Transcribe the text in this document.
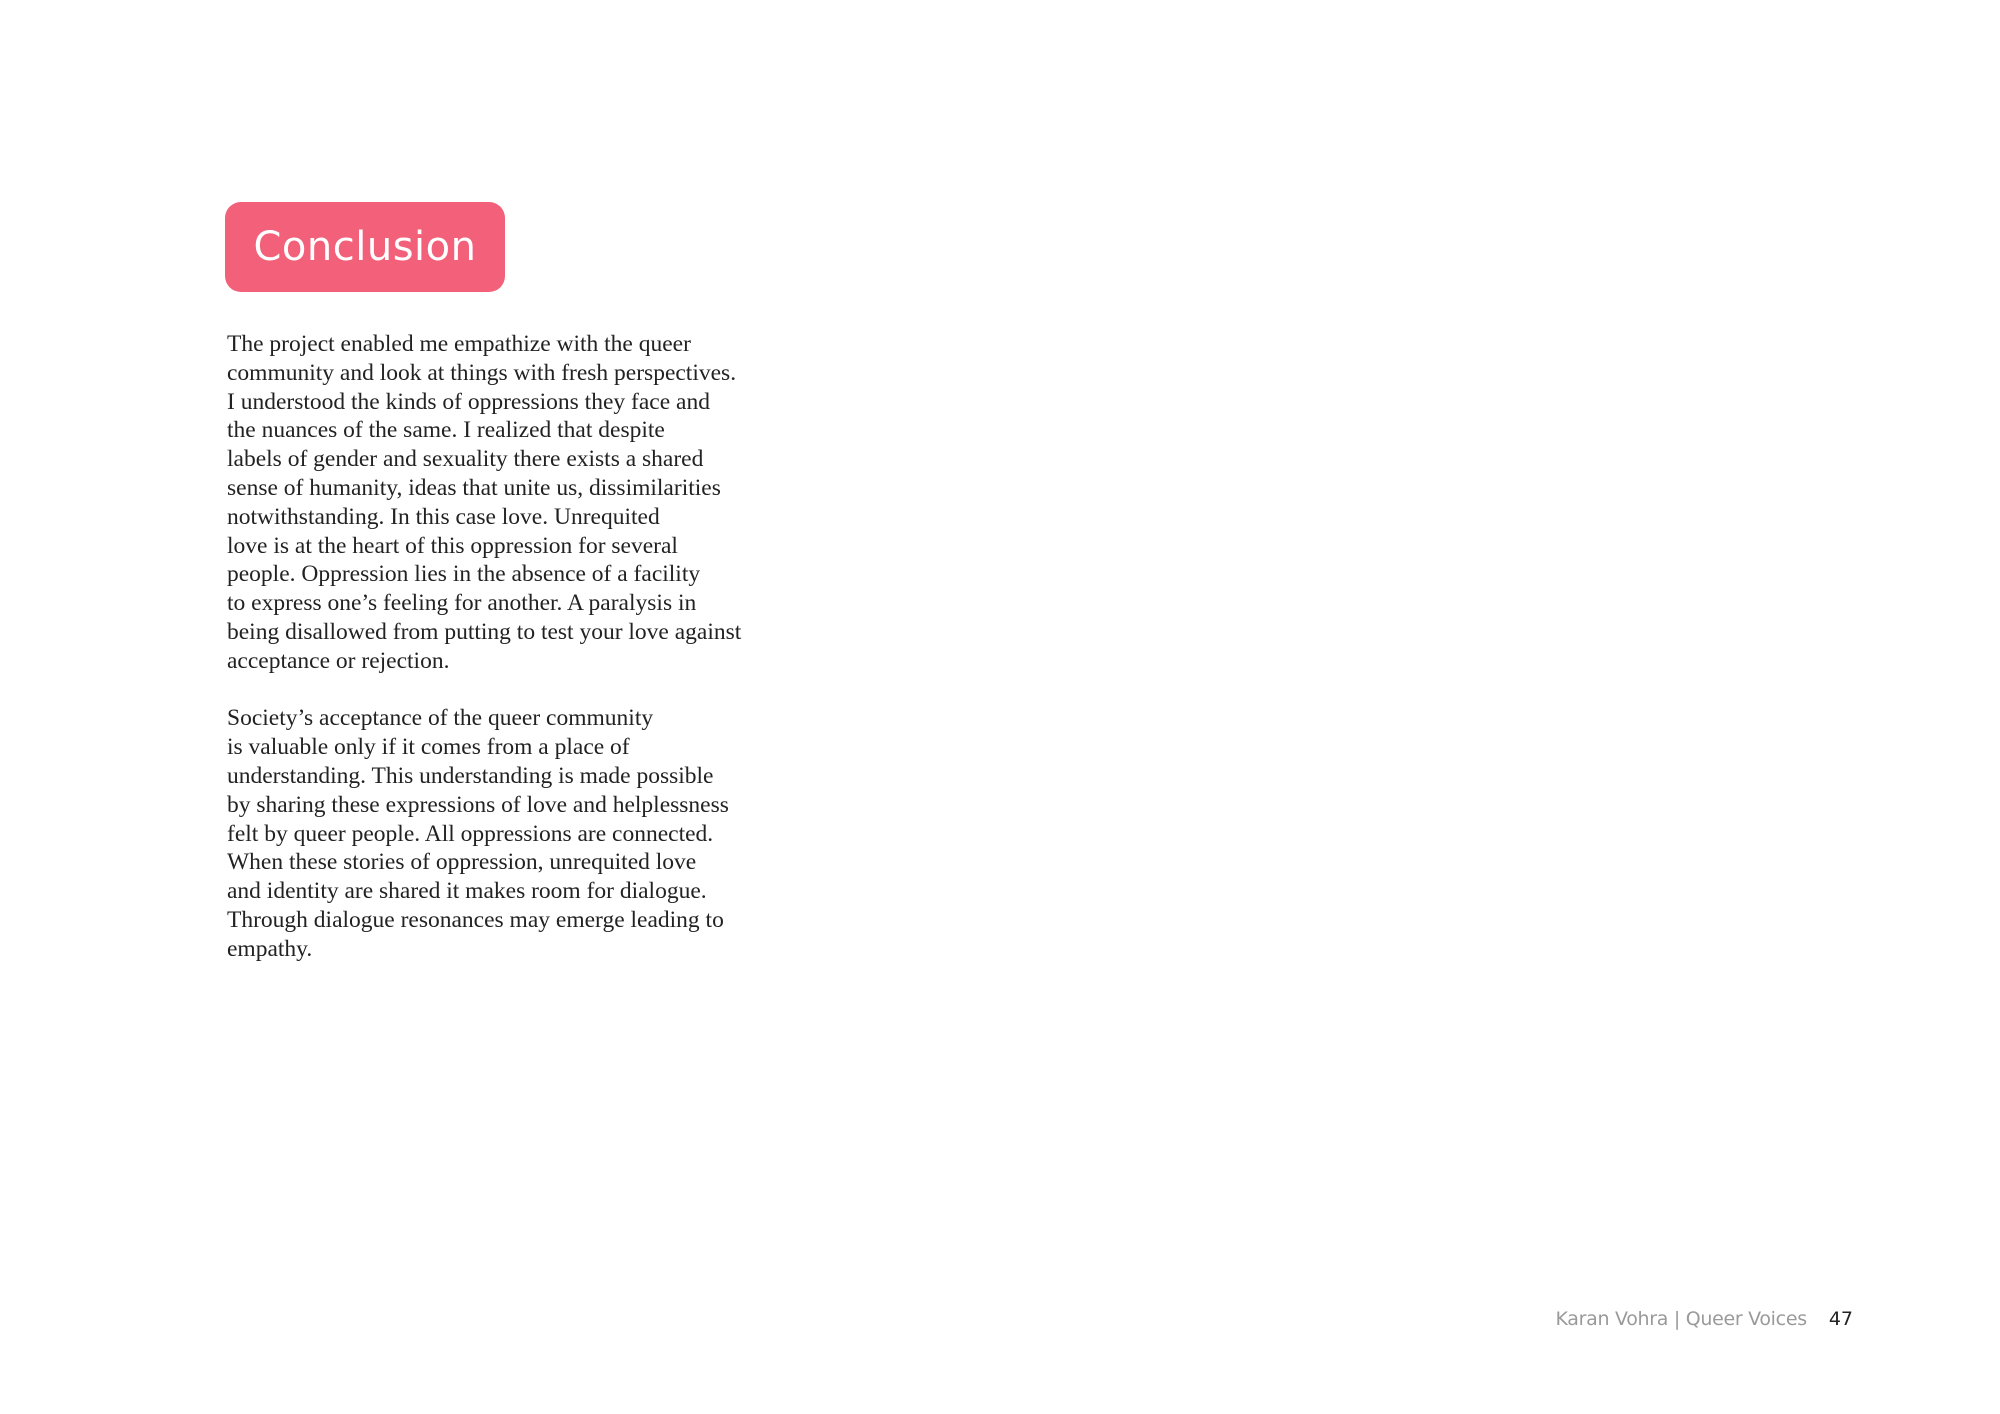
Conclusion
The project enabled me empathize with the queer
community and look at things with fresh perspectives.
I understood the kinds of oppressions they face and
the nuances of the same. I realized that despite
labels of gender and sexuality there exists a shared
sense of humanity, ideas that unite us, dissimilarities
notwithstanding. In this case love. Unrequited
love is at the heart of this oppression for several
people. Oppression lies in the absence of a facility
to express one’s feeling for another. A paralysis in
being disallowed from putting to test your love against
acceptance or rejection.
Society’s acceptance of the queer community
is valuable only if it comes from a place of
understanding. This understanding is made possible
by sharing these expressions of love and helplessness
felt by queer people. All oppressions are connected.
When these stories of oppression, unrequited love
and identity are shared it makes room for dialogue.
Through dialogue resonances may emerge leading to
empathy.
Karan Vohra | Queer Voices 47
